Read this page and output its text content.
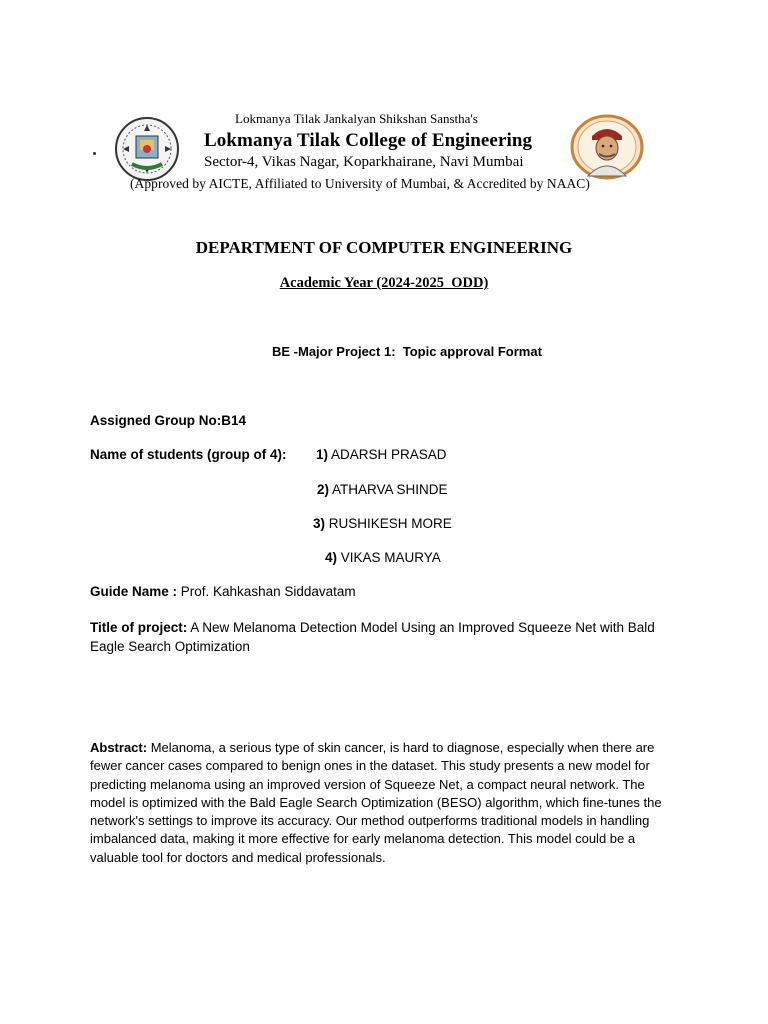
Lokmanya Tilak Jankalyan Shikshan Sanstha's
Lokmanya Tilak College of Engineering
Sector-4, Vikas Nagar, Koparkhairane, Navi Mumbai
(Approved by AICTE, Affiliated to University of Mumbai, & Accredited by NAAC)
DEPARTMENT OF COMPUTER ENGINEERING
Academic Year (2024-2025  ODD)
BE -Major Project 1:  Topic approval Format
Assigned Group No:B14
Name of students (group of 4): 1) ADARSH PRASAD
2) ATHARVA SHINDE
3) RUSHIKESH MORE
4) VIKAS MAURYA
Guide Name : Prof. Kahkashan Siddavatam
Title of project: A New Melanoma Detection Model Using an Improved Squeeze Net with Bald Eagle Search Optimization
Abstract: Melanoma, a serious type of skin cancer, is hard to diagnose, especially when there are fewer cancer cases compared to benign ones in the dataset. This study presents a new model for predicting melanoma using an improved version of Squeeze Net, a compact neural network. The model is optimized with the Bald Eagle Search Optimization (BESO) algorithm, which fine-tunes the network's settings to improve its accuracy. Our method outperforms traditional models in handling imbalanced data, making it more effective for early melanoma detection. This model could be a valuable tool for doctors and medical professionals.
